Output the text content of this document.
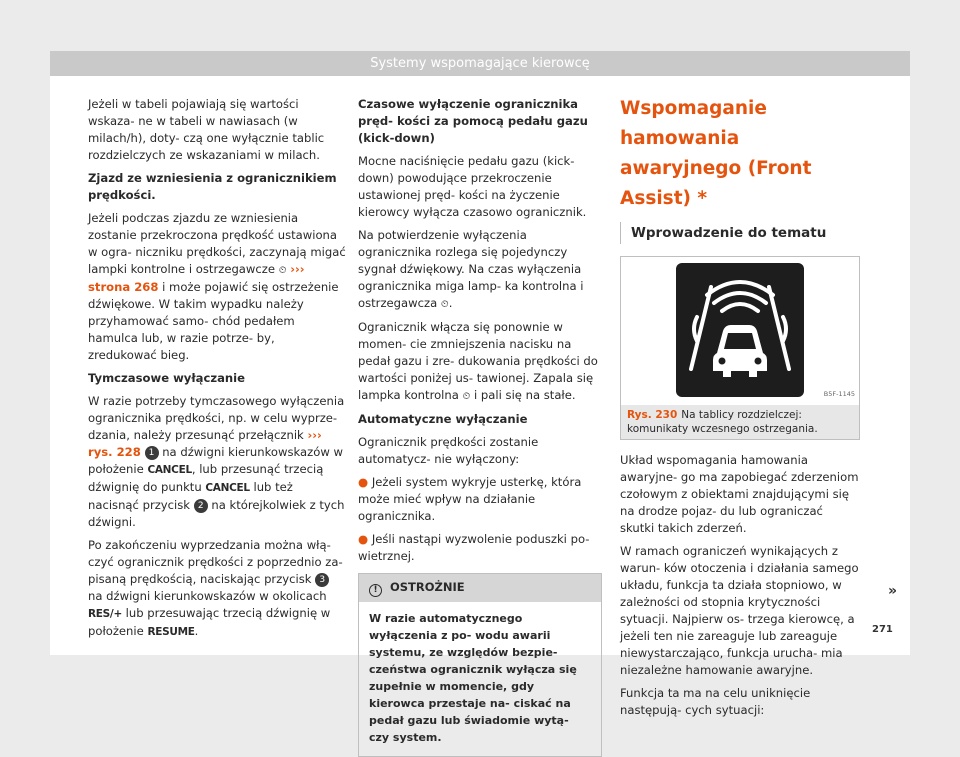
Systemy wspomagające kierowcę

Jeżeli w tabeli pojawiają się wartości wskaza- ne w tabeli w nawiasach (w milach/h), doty- czą one wyłącznie tablic rozdzielczych ze wskazaniami w milach.

Zjazd ze wzniesienia z ogranicznikiem prędkości.

Jeżeli podczas zjazdu ze wzniesienia zostanie przekroczona prędkość ustawiona w ogra- niczniku prędkości, zaczynają migać lampki kontrolne i ostrzegawcze ⏲ ››› strona 268 i może pojawić się ostrzeżenie dźwiękowe. W takim wypadku należy przyhamować samo- chód pedałem hamulca lub, w razie potrze- by, zredukować bieg.

Tymczasowe wyłączanie

W razie potrzeby tymczasowego wyłączenia ogranicznika prędkości, np. w celu wyprze- dzania, należy przesunąć przełącznik ››› rys. 228 1 na dźwigni kierunkowskazów w położenie CANCEL, lub przesunąć trzecią dźwignię do punktu CANCEL lub też nacisnąć przycisk 2 na którejkolwiek z tych dźwigni.

Po zakończeniu wyprzedzania można włą- czyć ogranicznik prędkości z poprzednio za- pisaną prędkością, naciskając przycisk 3 na dźwigni kierunkowskazów w okolicach RES/+ lub przesuwając trzecią dźwignię w położenie RESUME.

Czasowe wyłączenie ogranicznika pręd- kości za pomocą pedału gazu (kick-down)

Mocne naciśnięcie pedału gazu (kick-down) powodujące przekroczenie ustawionej pręd- kości na życzenie kierowcy wyłącza czasowo ogranicznik.

Na potwierdzenie wyłączenia ogranicznika rozlega się pojedynczy sygnał dźwiękowy. Na czas wyłączenia ogranicznika miga lamp- ka kontrolna i ostrzegawcza ⏲.

Ogranicznik włącza się ponownie w momen- cie zmniejszenia nacisku na pedał gazu i zre- dukowania prędkości do wartości poniżej us- tawionej. Zapala się lampka kontrolna ⏲ i pali się na stałe.

Automatyczne wyłączanie

Ogranicznik prędkości zostanie automatycz- nie wyłączony:

● Jeżeli system wykryje usterkę, która może mieć wpływ na działanie ogranicznika.

● Jeśli nastąpi wyzwolenie poduszki po- wietrznej.

! OSTROŻNIE
W razie automatycznego wyłączenia z po- wodu awarii systemu, ze względów bezpie- czeństwa ogranicznik wyłącza się zupełnie w momencie, gdy kierowca przestaje na- ciskać na pedał gazu lub świadomie wytą- czy system.
Wspomaganie hamowania awaryjnego (Front Assist) *
Wprowadzenie do tematu
B5F-1145
Rys. 230 Na tablicy rozdzielczej: komunikaty wczesnego ostrzegania.

Układ wspomagania hamowania awaryjne- go ma zapobiegać zderzeniom czołowym z obiektami znajdującymi się na drodze pojaz- du lub ograniczać skutki takich zderzeń.

W ramach ograniczeń wynikających z warun- ków otoczenia i działania samego układu, funkcja ta działa stopniowo, w zależności od stopnia krytyczności sytuacji. Najpierw os- trzega kierowcę, a jeżeli ten nie zareaguje lub zareaguje niewystarczająco, funkcja urucha- mia niezależne hamowanie awaryjne.

Funkcja ta ma na celu uniknięcie następują- cych sytuacji:

»
271
